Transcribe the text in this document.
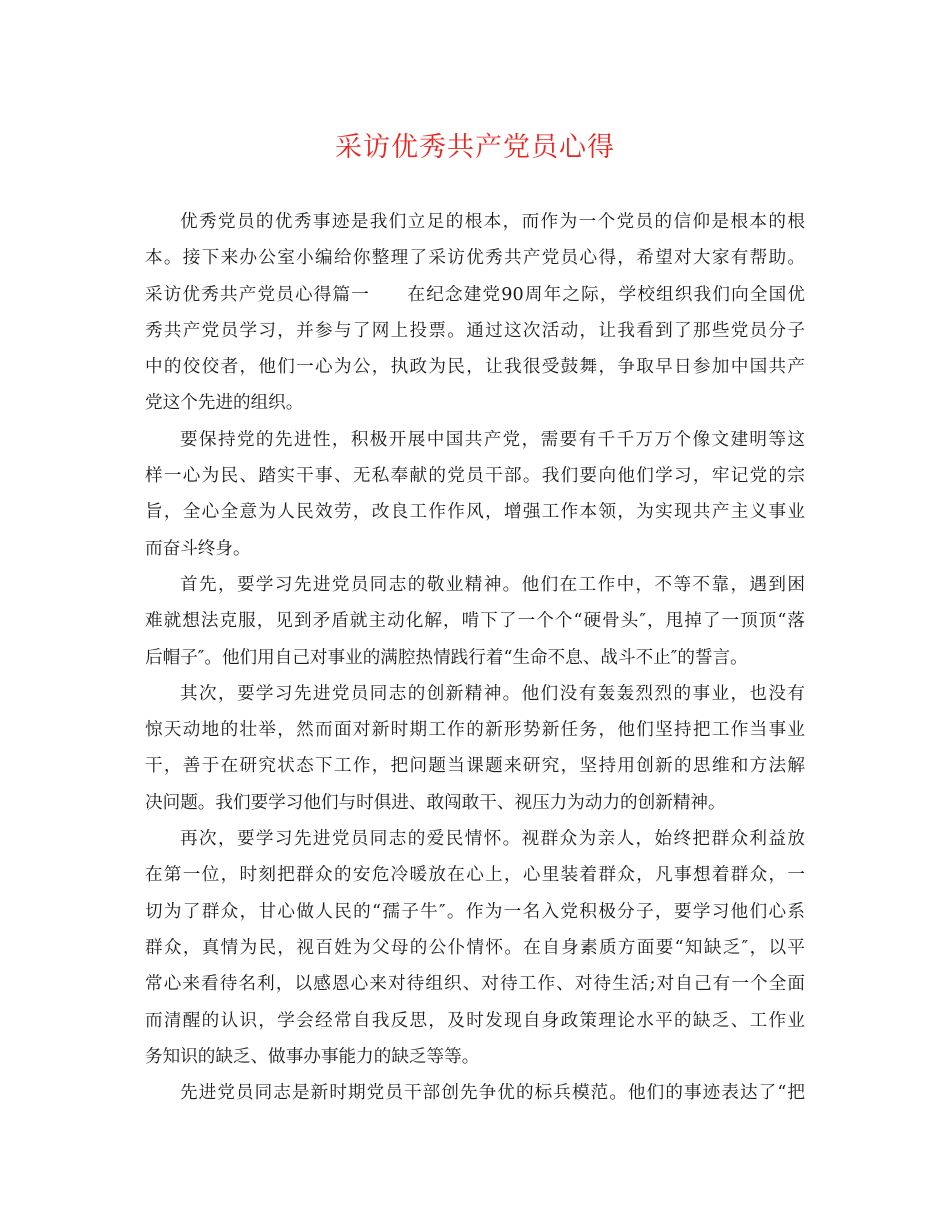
采访优秀共产党员心得
优秀党员的优秀事迹是我们立足的根本，而作为一个党员的信仰是根本的根
本。接下来办公室小编给你整理了采访优秀共产党员心得，希望对大家有帮助。
采访优秀共产党员心得篇一　　在纪念建党90周年之际，学校组织我们向全国优
秀共产党员学习，并参与了网上投票。通过这次活动，让我看到了那些党员分子
中的佼佼者，他们一心为公，执政为民，让我很受鼓舞，争取早日参加中国共产
党这个先进的组织。
要保持党的先进性，积极开展中国共产党，需要有千千万万个像文建明等这
样一心为民、踏实干事、无私奉献的党员干部。我们要向他们学习，牢记党的宗
旨，全心全意为人民效劳，改良工作作风，增强工作本领，为实现共产主义事业
而奋斗终身。
首先，要学习先进党员同志的敬业精神。他们在工作中，不等不靠，遇到困
难就想法克服，见到矛盾就主动化解，啃下了一个个“硬骨头″，甩掉了一顶顶“落
后帽子″。他们用自己对事业的满腔热情践行着“生命不息、战斗不止″的誓言。
其次，要学习先进党员同志的创新精神。他们没有轰轰烈烈的事业，也没有
惊天动地的壮举，然而面对新时期工作的新形势新任务，他们坚持把工作当事业
干，善于在研究状态下工作，把问题当课题来研究，坚持用创新的思维和方法解
决问题。我们要学习他们与时俱进、敢闯敢干、视压力为动力的创新精神。
再次，要学习先进党员同志的爱民情怀。视群众为亲人，始终把群众利益放
在第一位，时刻把群众的安危冷暖放在心上，心里装着群众，凡事想着群众，一
切为了群众，甘心做人民的“孺子牛″。作为一名入党积极分子，要学习他们心系
群众，真情为民，视百姓为父母的公仆情怀。在自身素质方面要“知缺乏″，以平
常心来看待名利，以感恩心来对待组织、对待工作、对待生活;对自己有一个全面
而清醒的认识，学会经常自我反思，及时发现自身政策理论水平的缺乏、工作业
务知识的缺乏、做事办事能力的缺乏等等。
先进党员同志是新时期党员干部创先争优的标兵模范。他们的事迹表达了“把
